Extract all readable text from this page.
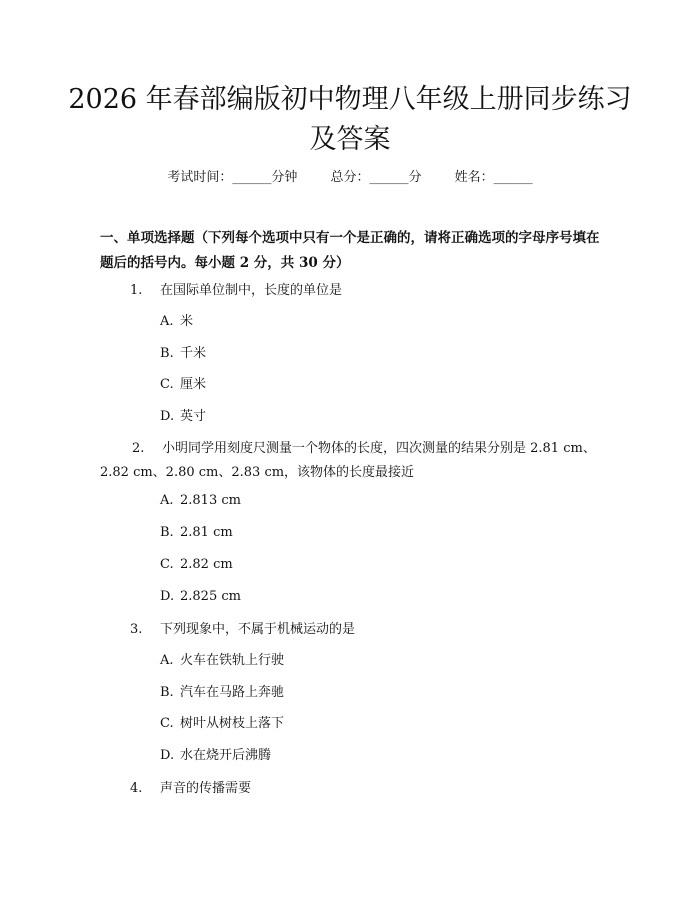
2026 年春部编版初中物理八年级上册同步练习及答案
考试时间：______分钟	总分：______分	姓名：______

一、单项选择题（下列每个选项中只有一个是正确的，请将正确选项的字母序号填在题后的括号内。每小题 2 分，共 30 分）

1. 在国际单位制中，长度的单位是

A. 米
B. 千米
C. 厘米
D. 英寸

2. 小明同学用刻度尺测量一个物体的长度，四次测量的结果分别是 2.81 cm、2.82 cm、2.80 cm、2.83 cm，该物体的长度最接近

A. 2.813 cm
B. 2.81 cm
C. 2.82 cm
D. 2.825 cm

3. 下列现象中，不属于机械运动的是

A. 火车在铁轨上行驶
B. 汽车在马路上奔驰
C. 树叶从树枝上落下
D. 水在烧开后沸腾

4. 声音的传播需要
